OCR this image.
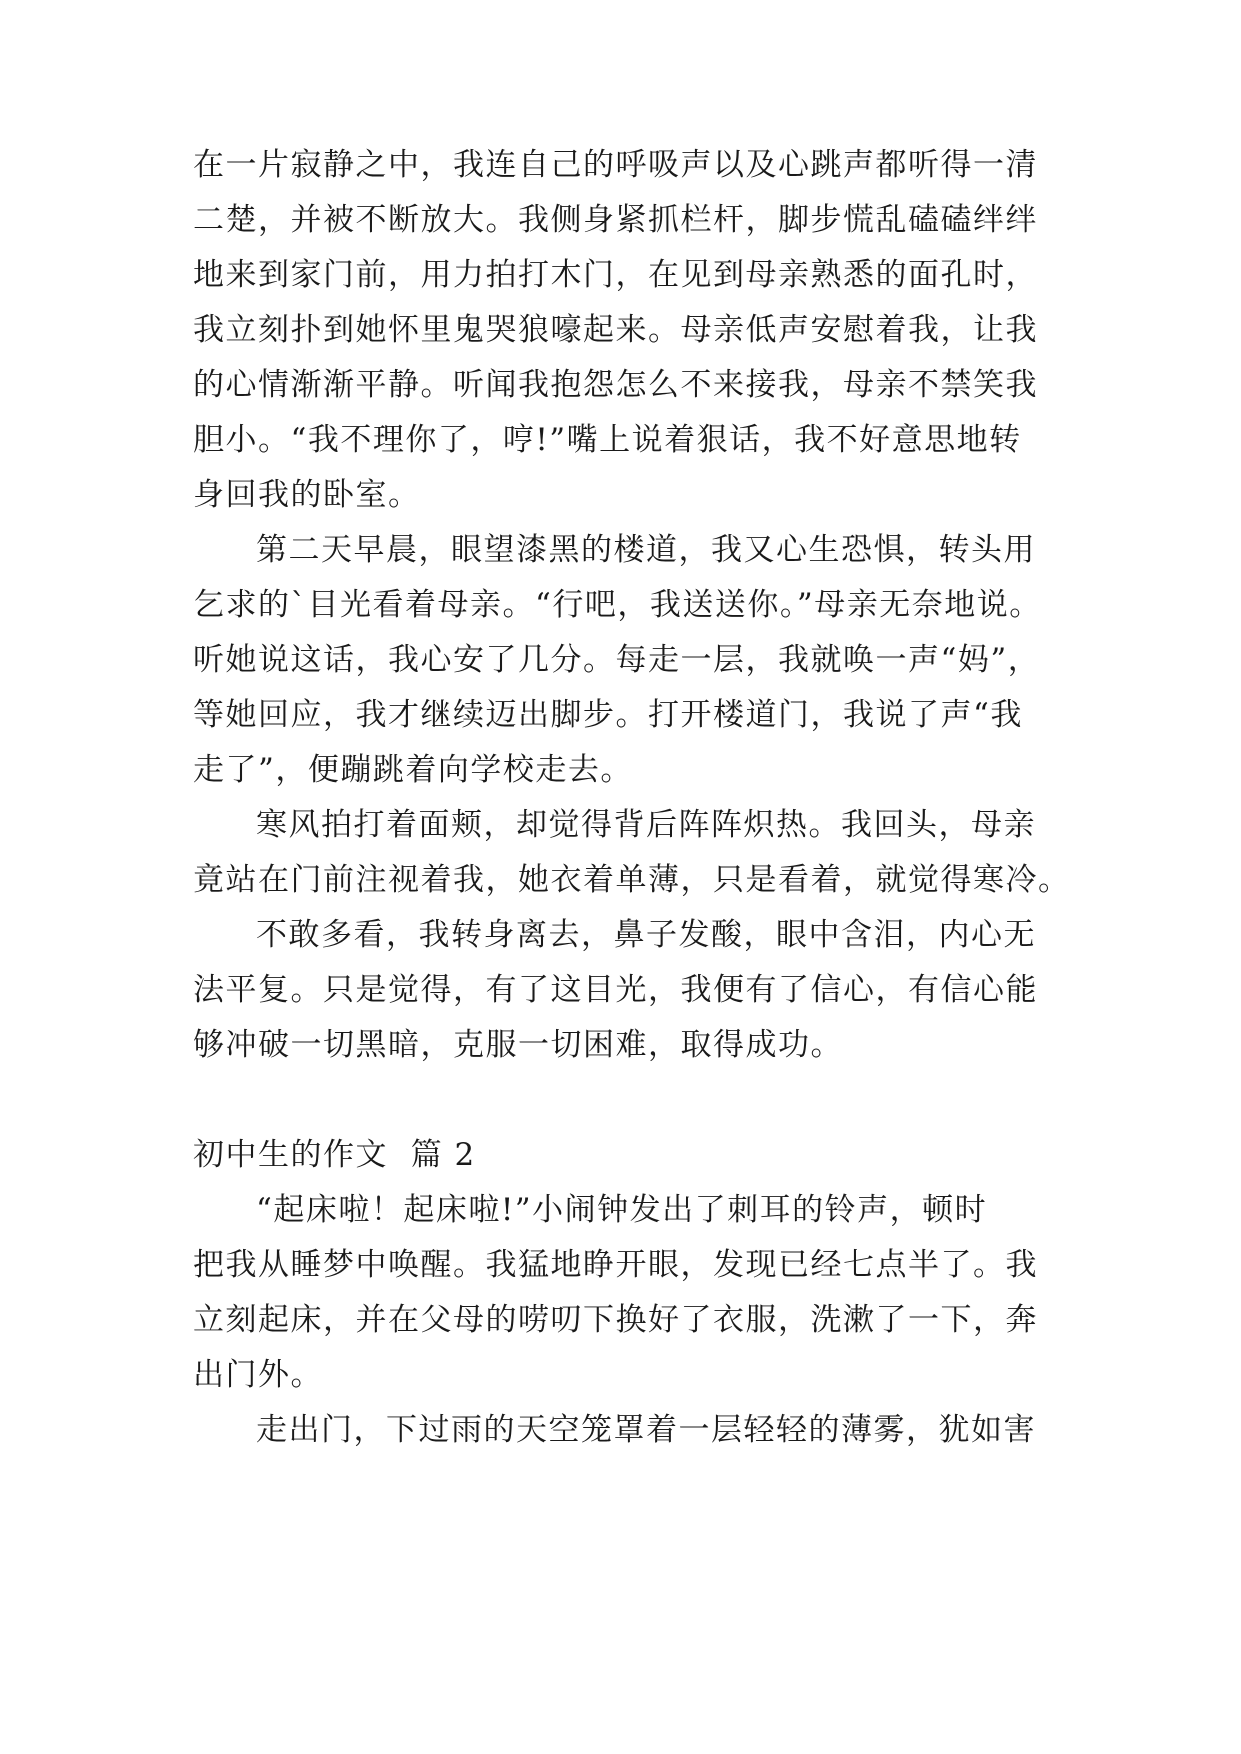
在一片寂静之中，我连自己的呼吸声以及心跳声都听得一清
二楚，并被不断放大。我侧身紧抓栏杆，脚步慌乱磕磕绊绊
地来到家门前，用力拍打木门，在见到母亲熟悉的面孔时，
我立刻扑到她怀里鬼哭狼嚎起来。母亲低声安慰着我，让我
的心情渐渐平静。听闻我抱怨怎么不来接我，母亲不禁笑我
胆小。“我不理你了，哼!”嘴上说着狠话，我不好意思地转
身回我的卧室。
第二天早晨，眼望漆黑的楼道，我又心生恐惧，转头用
乞求的`目光看着母亲。“行吧，我送送你。”母亲无奈地说。
听她说这话，我心安了几分。每走一层，我就唤一声“妈”，
等她回应，我才继续迈出脚步。打开楼道门，我说了声“我
走了”，便蹦跳着向学校走去。
寒风拍打着面颊，却觉得背后阵阵炽热。我回头，母亲
竟站在门前注视着我，她衣着单薄，只是看着，就觉得寒冷。
不敢多看，我转身离去，鼻子发酸，眼中含泪，内心无
法平复。只是觉得，有了这目光，我便有了信心，有信心能
够冲破一切黑暗，克服一切困难，取得成功。
初中生的作文  篇 2
“起床啦！起床啦!”小闹钟发出了刺耳的铃声，顿时
把我从睡梦中唤醒。我猛地睁开眼，发现已经七点半了。我
立刻起床，并在父母的唠叨下换好了衣服，洗漱了一下，奔
出门外。
走出门，下过雨的天空笼罩着一层轻轻的薄雾，犹如害
